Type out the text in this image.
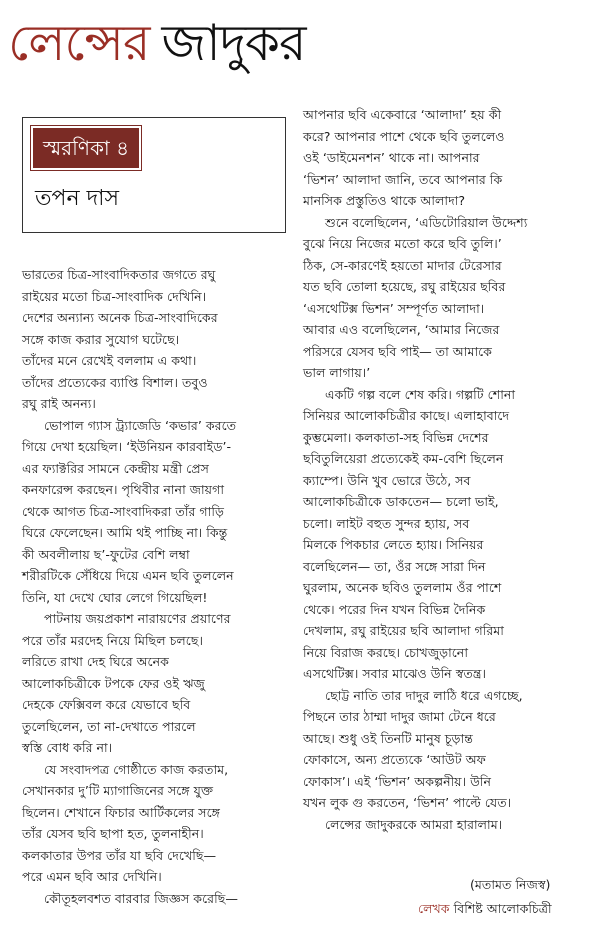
লেন্সের জাদুকর
স্মরণিকা ৪
তপন দাস

ভারতের চিত্র-সাংবাদিকতার জগতে রঘু
রাইয়ের মতো চিত্র-সাংবাদিক দেখিনি।
দেশের অন্যান্য অনেক চিত্র-সাংবাদিকের
সঙ্গে কাজ করার সুযোগ ঘটেছে।
তাঁদের মনে রেখেই বললাম এ কথা।
তাঁদের প্রত্যেকের ব্যাপ্তি বিশাল। তবুও
রঘু রাই অনন্য।

ভোপাল গ্যাস ট্র্যাজেডি ‘কভার’ করতে
গিয়ে দেখা হয়েছিল। ‘ইউনিয়ন কারবাইড’-
এর ফ্যাক্টরির সামনে কেন্দ্রীয় মন্ত্রী প্রেস
কনফারেন্স করছেন। পৃথিবীর নানা জায়গা
থেকে আগত চিত্র-সাংবাদিকরা তাঁর গাড়ি
ঘিরে ফেলেছেন। আমি থই পাচ্ছি না। কিন্তু
কী অবলীলায় ছ’-ফুটের বেশি লম্বা
শরীরটিকে সেঁধিয়ে দিয়ে এমন ছবি তুললেন
তিনি, যা দেখে ঘোর লেগে গিয়েছিল!

পাটনায় জয়প্রকাশ নারায়ণের প্রয়াণের
পরে তাঁর মরদেহ নিয়ে মিছিল চলছে।
লরিতে রাখা দেহ ঘিরে অনেক
আলোকচিত্রীকে টপকে ফের ওই ঋজু
দেহকে ফেক্সিবল করে যেভাবে ছবি
তুলেছিলেন, তা না-দেখাতে পারলে
স্বস্তি বোধ করি না।

যে সংবাদপত্র গোষ্ঠীতে কাজ করতাম,
সেখানকার দু’টি ম্যাগাজিনের সঙ্গে যুক্ত
ছিলেন। শেখানে ফিচার আর্টিকলের সঙ্গে
তাঁর যেসব ছবি ছাপা হত, তুলনাহীন।
কলকাতার উপর তাঁর যা ছবি দেখেছি—
পরে এমন ছবি আর দেখিনি।

কৌতূহলবশত বারবার জিজ্ঞস করেছি—

আপনার ছবি একেবারে ‘আলাদা’ হয় কী
করে? আপনার পাশে থেকে ছবি তুললেও
ওই ‘ডাইমেনশন’ থাকে না। আপনার
‘ভিশন’ আলাদা জানি, তবে আপনার কি
মানসিক প্রস্তুতিও থাকে আলাদা?

শুনে বলেছিলেন, ‘এডিটোরিয়াল উদ্দেশ্য
বুঝে নিয়ে নিজের মতো করে ছবি তুলি।’
ঠিক, সে-কারণেই হয়তো মাদার টেরেসার
যত ছবি তোলা হয়েছে, রঘু রাইয়ের ছবির
‘এসথেটিক্স ভিশন’ সম্পূর্ণত আলাদা।
আবার এও বলেছিলেন, ‘আমার নিজের
পরিসরে যেসব ছবি পাই— তা আমাকে
ভাল লাগায়।’

একটি গল্প বলে শেষ করি। গল্পটি শোনা
সিনিয়র আলোকচিত্রীর কাছে। এলাহাবাদে
কুম্ভমেলা। কলকাতা-সহ বিভিন্ন দেশের
ছবিতুলিয়েরা প্রত্যেকেই কম-বেশি ছিলেন
ক্যাম্পে। উনি খুব ভোরে উঠে, সব
আলোকচিত্রীকে ডাকতেন— চলো ভাই,
চলো। লাইট বহুত সুন্দর হ্যায়, সব
মিলকে পিকচার লেতে হ্যায়। সিনিয়র
বলেছিলেন— তা, ওঁর সঙ্গে সারা দিন
ঘুরলাম, অনেক ছবিও তুললাম ওঁর পাশে
থেকে। পরের দিন যখন বিভিন্ন দৈনিক
দেখলাম, রঘু রাইয়ের ছবি আলাদা গরিমা
নিয়ে বিরাজ করছে। চোখজুড়ানো
এসথেটিক্স। সবার মাঝেও উনি স্বতন্ত্র।

ছোট্ট নাতি তার দাদুর লাঠি ধরে এগচ্ছে,
পিছনে তার ঠাম্মা দাদুর জামা টেনে ধরে
আছে। শুধু ওই তিনটি মানুষ চূড়ান্ত
ফোকাসে, অন্য প্রত্যেকে ‘আউট অফ
ফোকাস’। এই ‘ভিশন’ অকল্পনীয়। উনি
যখন লুক গু করতেন, ‘ভিশন’ পাল্টে যেত।

লেন্সের জাদুকরকে আমরা হারালাম।

(মতামত নিজস্ব)
লেখক বিশিষ্ট আলোকচিত্রী
